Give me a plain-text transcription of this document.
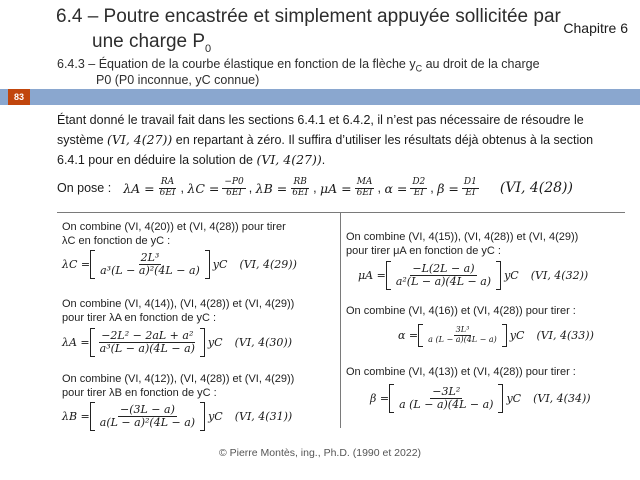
6.4 – Poutre encastrée et simplement appuyée sollicitée par
une charge $P_0$
Chapitre 6
6.4.3 – Équation de la courbe élastique en fonction de la flèche $y_C$ au droit de la charge
P0 (P0 inconnue, yC connue)
83
Étant donné le travail fait dans les sections 6.4.1 et 6.4.2, il n’est pas nécessaire de résoudre le
système (VI, 4(27)) en repartant à zéro. Il suffira d’utiliser les résultats déjà obtenus à la section
6.4.1 pour en déduire la solution de (VI, 4(27)).
On pose : $\lambda A = \frac{RA}{6EI}$ , $\lambda C = \frac{-P0}{6EI}$ , $\lambda B = \frac{RB}{6EI}$ , $\mu A = \frac{MA}{6EI}$ , $\alpha = \frac{D2}{EI}$ , $\beta = \frac{D1}{EI} (VI$, 4(28))
On combine (VI, 4(20)) et (VI, 4(28)) pour tirer
λC en fonction de yC :
$\lambda C = \frac{\text{2L³}}{\text{a³(L − a)²(4L − a)}}$ yC (VI, 4(29))
On combine (VI, 4(14)), (VI, 4(28)) et (VI, 4(29))
pour tirer λA en fonction de yC :
$\lambda A = \frac{\text{−2L² − 2aL + a²}}{\text{a³(L − a)(4L − a)}}$ yC (VI, 4(30))
On combine (VI, 4(12)), (VI, 4(28)) et (VI, 4(29))
pour tirer λB en fonction de yC :
$\lambda B = \frac{-(3L - a)}{\text{a(L − a)²(4L − a)}}$ yC (VI, 4(31))
On combine (VI, 4(15)), (VI, 4(28)) et (VI, 4(29))
pour tirer μA en fonction de yC :
$\mu A = \frac{-L(2L - a)}{\text{a²(L − a)(4L − a)}}$ yC (VI, 4(32))
On combine (VI, 4(16)) et (VI, 4(28)) pour tirer :
$\alpha = \frac{\text{3L³}}{a (L - a)(4L - a)}$ yC (VI, 4(33))
On combine (VI, 4(13)) et (VI, 4(28)) pour tirer :
$\beta = \frac{\text{−3L²}}{a (L - a)(4L - a)}$ yC (VI, 4(34))
© Pierre Montès, ing., Ph.D. (1990 et 2022)
